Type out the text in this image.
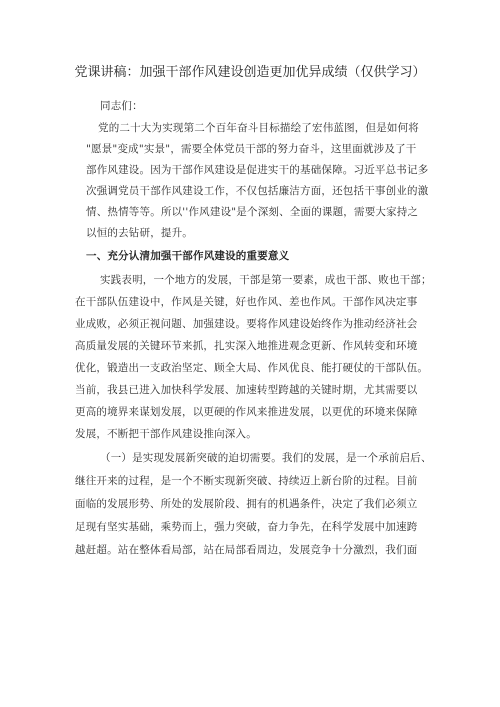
党课讲稿：加强干部作风建设创造更加优异成绩（仅供学习）
同志们：
党的二十大为实现第二个百年奋斗目标描绘了宏伟蓝图，但是如何将
"愿景"变成"实景"，需要全体党员干部的努力奋斗，这里面就涉及了干
部作风建设。因为干部作风建设是促进实干的基础保障。习近平总书记多
次强调党员干部作风建设工作，不仅包括廉洁方面，还包括干事创业的激
情、热情等等。所以''作风建设"是个深刻、全面的课题，需要大家持之
以恒的去钻研，提升。
一、充分认清加强干部作风建设的重要意义
实践表明，一个地方的发展，干部是第一要素，成也干部、败也干部；
在干部队伍建设中，作风是关键，好也作风、差也作风。干部作风决定事
业成败，必须正视问题、加强建设。要将作风建设始终作为推动经济社会
高质量发展的关键环节来抓，扎实深入地推进观念更新、作风转变和环境
优化，锻造出一支政治坚定、顾全大局、作风优良、能打硬仗的干部队伍。
当前，我县已进入加快科学发展、加速转型跨越的关键时期，尤其需要以
更高的境界来谋划发展，以更硬的作风来推进发展，以更优的环境来保障
发展，不断把干部作风建设推向深入。
（一）是实现发展新突破的迫切需要。我们的发展，是一个承前启后、
继往开来的过程，是一个不断实现新突破、持续迈上新台阶的过程。目前
面临的发展形势、所处的发展阶段、拥有的机遇条件，决定了我们必须立
足现有坚实基础，乘势而上，强力突破，奋力争先，在科学发展中加速跨
越赶超。站在整体看局部，站在局部看周边，发展竞争十分激烈，我们面
